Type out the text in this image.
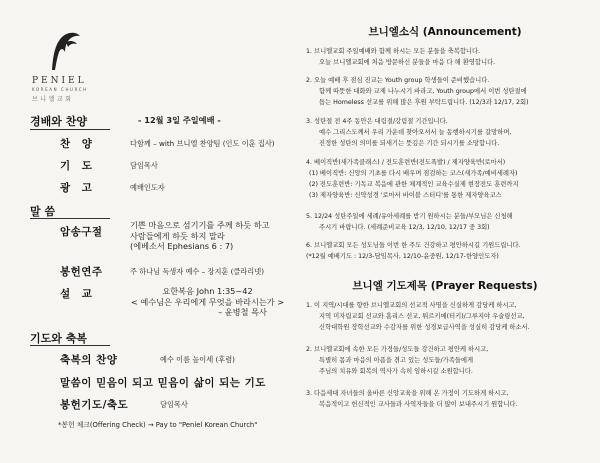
PENIEL
KOREAN CHURCH
브니엘교회
경배와 찬양	- 12월 3일 주일예배 -
찬 양	다함께 – with 브니엘 찬양팀 (인도 이훈 집사)
기 도	담임목사
광 고	예배인도자
말 씀
암송구절
기쁜 마음으로 섬기기를 주께 하듯 하고
사람들에게 하듯 하지 말라
(에베소서 Ephesians 6 : 7)
봉헌연주	주 하나님 독생자 예수 – 장지훈 (클라리넷)
설 교	요한복음 John 1:35~42
< 예수님은 우리에게 무엇을 바라시는가 >
– 윤병철 목사
기도와 축복
축복의 찬양	예수 이름 높이세 (후렴)
말씀이 믿음이 되고 믿음이 삶이 되는 기도
봉헌기도/축도	담임목사
*봉헌 체크(Offering Check) → Pay to "Peniel Korean Church"
브니엘소식 (Announcement)
1. 브니엘교회 주일예배와 함께 하시는 모든 분들을 축복합니다.
오늘 브니엘교회에 처음 방문하신 분들을 마음 다 해 환영합니다.
2. 오늘 예배 후 점심 진교는 Youth group 학생들이 준비했습니다.
함께 따뜻한 대화와 교제 나누시기 바라고, Youth group에서 이번 성탄절에
돕는 Homeless 선교를 위해 많은 후원 부탁드립니다. (12/3과 12/17, 2회)
3. 성탄절 전 4주 동안은 대림절/강림절 기간입니다.
예수 그리스도께서 우리 가운데 찾아오셔서 늘 동행하시기를 갈망하며,
진정한 성탄의 의미를 되새기는 뜻깊은 기간 되시기를 소망합니다.
4. 베이직반(새가족클래스) / 전도훈련반(전도폭발) / 제자양육반(로마서)
(1) 베이직반: 신앙의 기초를 다시 배우며 점검하는 코스(새가족/예비세례자)
(2) 전도훈련반: 기독교 복음에 관한 체계적인 교육수실제 현장전도 훈련까지
(3) 제자양육반: 신약성경 '로마서 바이블 스터디'를 통한 제자양육코스
5. 12/24 성탄주일에 세례/유아세례를 받기 원하시는 분들/부모님은 신청해
주시기 바랍니다. (세례준비교육 12/3, 12/10, 12/17 중 3회)
6. 브니엘교회 모든 성도님들 이번 한 주도 건강하고 평안하시길 기원드립니다.
(*12월 예배기도 : 12/3-담임목사, 12/10-윤중원, 12/17-한양인도자)
브니엘 기도제목 (Prayer Requests)
1. 이 지역/시대를 향한 브니엘교회의 선교적 사명을 신실하게 감당케 하시고,
지역 미자립교회 선교와 홈리스 선교, 튀르키예(터키)/그루지야 우술링선교,
신학대학원 장학선교와 수감자를 위한 성경보급사역을 성실히 감당케 하소서.
2. 브니엘교회에 속한 모든 가정들/성도들 강건하고 평안케 하시고,
특별히 몸과 마음의 아픔을 겪고 있는 성도들/가족들에게
주님의 치유와 회복의 역사가 속히 임하시길 소원합니다.
3. 다음세대 자녀들의 올바른 신앙교육을 위해 온 가정이 기도하게 하시고,
복음적이고 헌신적인 교사들과 사역자들을 더 많이 보내주시기 원합니다.
